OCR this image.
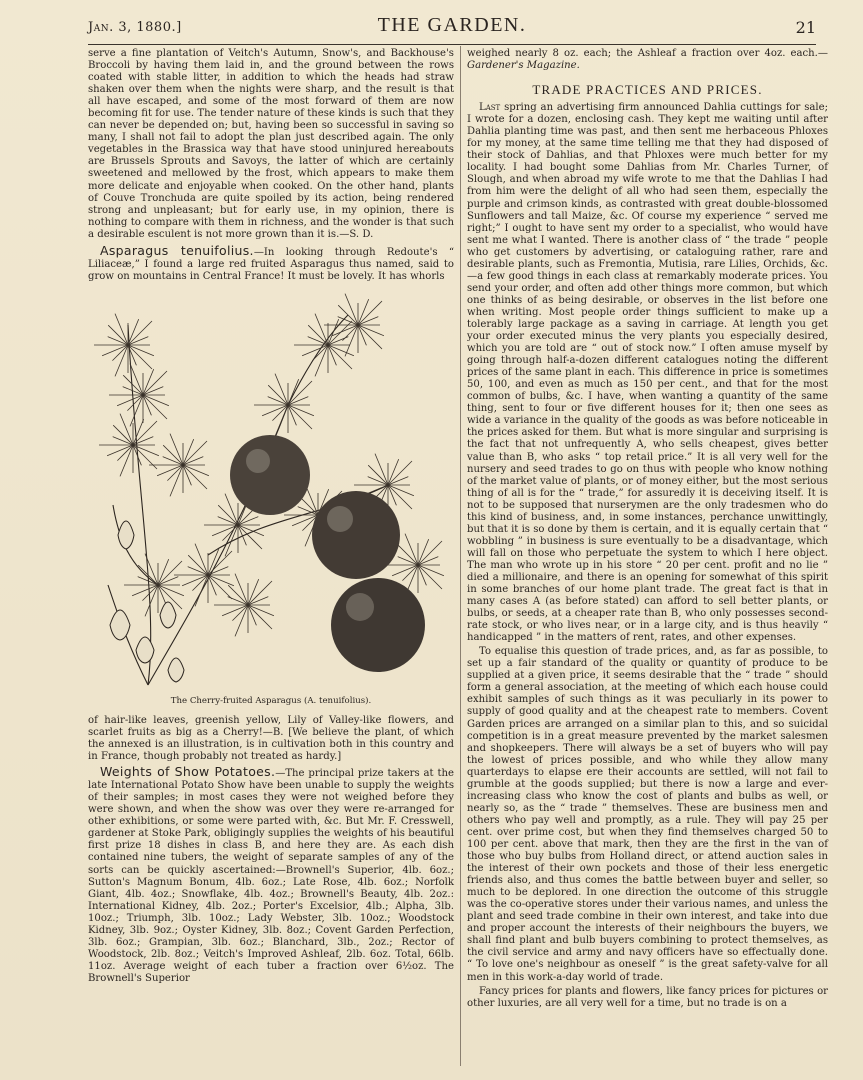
Jan. 3, 1880.]	THE GARDEN.	21

serve a fine plantation of Veitch's Autumn, Snow's, and Backhouse's Broccoli by having them laid in, and the ground between the rows coated with stable litter, in addition to which the heads had straw shaken over them when the nights were sharp, and the result is that all have escaped, and some of the most forward of them are now becoming fit for use. The tender nature of these kinds is such that they can never be depended on; but, having been so successful in saving so many, I shall not fail to adopt the plan just described again. The only vegetables in the Brassica way that have stood uninjured hereabouts are Brussels Sprouts and Savoys, the latter of which are certainly sweetened and mellowed by the frost, which appears to make them more delicate and enjoyable when cooked. On the other hand, plants of Couve Tronchuda are quite spoiled by its action, being rendered strong and unpleasant; but for early use, in my opinion, there is nothing to compare with them in richness, and the wonder is that such a desirable esculent is not more grown than it is.—S. D.

Asparagus tenuifolius.—In looking through Redoute's “ Liliaceæ,” I found a large red fruited Asparagus thus named, said to grow on mountains in Central France! It must be lovely. It has whorls

The Cherry-fruited Asparagus (A. tenuifolius).

of hair-like leaves, greenish yellow, Lily of Valley-like flowers, and scarlet fruits as big as a Cherry!—B. [We believe the plant, of which the annexed is an illustration, is in cultivation both in this country and in France, though probably not treated as hardy.]

Weights of Show Potatoes.—The principal prize takers at the late International Potato Show have been unable to supply the weights of their samples; in most cases they were not weighed before they were shown, and when the show was over they were re-arranged for other exhibitions, or some were parted with, &c. But Mr. F. Cresswell, gardener at Stoke Park, obligingly supplies the weights of his beautiful first prize 18 dishes in class B, and here they are. As each dish contained nine tubers, the weight of separate samples of any of the sorts can be quickly ascertained:—Brownell's Superior, 4lb. 6oz.; Sutton's Magnum Bonum, 4lb. 6oz.; Late Rose, 4lb. 6oz.; Norfolk Giant, 4lb. 4oz.; Snowflake, 4lb. 4oz.; Brownell's Beauty, 4lb. 2oz.: International Kidney, 4lb. 2oz.; Porter's Excelsior, 4lb.; Alpha, 3lb. 10oz.; Triumph, 3lb. 10oz.; Lady Webster, 3lb. 10oz.; Woodstock Kidney, 3lb. 9oz.; Oyster Kidney, 3lb. 8oz.; Covent Garden Perfection, 3lb. 6oz.; Grampian, 3lb. 6oz.; Blanchard, 3lb., 2oz.; Rector of Woodstock, 2lb. 8oz.; Veitch's Improved Ashleaf, 2lb. 6oz. Total, 66lb. 11oz. Average weight of each tuber a fraction over 6½oz. The Brownell's Superior

weighed nearly 8 oz. each; the Ashleaf a fraction over 4oz. each.— Gardener's Magazine.

TRADE PRACTICES AND PRICES.

Last spring an advertising firm announced Dahlia cuttings for sale; I wrote for a dozen, enclosing cash. They kept me waiting until after Dahlia planting time was past, and then sent me herbaceous Phloxes for my money, at the same time telling me that they had disposed of their stock of Dahlias, and that Phloxes were much better for my locality. I had bought some Dahlias from Mr. Charles Turner, of Slough, and when abroad my wife wrote to me that the Dahlias I had from him were the delight of all who had seen them, especially the purple and crimson kinds, as contrasted with great double-blossomed Sunflowers and tall Maize, &c. Of course my experience “ served me right;” I ought to have sent my order to a specialist, who would have sent me what I wanted. There is another class of “ the trade ” people who get customers by advertising, or cataloguing rather, rare and desirable plants, such as Fremontia, Mutisia, rare Lilies, Orchids, &c.—a few good things in each class at remarkably moderate prices. You send your order, and often add other things more common, but which one thinks of as being desirable, or observes in the list before one when writing. Most people order things sufficient to make up a tolerably large package as a saving in carriage. At length you get your order executed minus the very plants you especially desired, which you are told are “ out of stock now.” I often amuse myself by going through half-a-dozen different catalogues noting the different prices of the same plant in each. This difference in price is sometimes 50, 100, and even as much as 150 per cent., and that for the most common of bulbs, &c. I have, when wanting a quantity of the same thing, sent to four or five different houses for it; then one sees as wide a variance in the quality of the goods as was before noticeable in the prices asked for them. But what is more singular and surprising is the fact that not unfrequently A, who sells cheapest, gives better value than B, who asks “ top retail price.” It is all very well for the nursery and seed trades to go on thus with people who know nothing of the market value of plants, or of money either, but the most serious thing of all is for the “ trade,” for assuredly it is deceiving itself. It is not to be supposed that nurserymen are the only tradesmen who do this kind of business, and, in some instances, perchance unwittingly, but that it is so done by them is certain, and it is equally certain that “ wobbling ” in business is sure eventually to be a disadvantage, which will fall on those who perpetuate the system to which I here object. The man who wrote up in his store “ 20 per cent. profit and no lie ” died a millionaire, and there is an opening for somewhat of this spirit in some branches of our home plant trade. The great fact is that in many cases A (as before stated) can afford to sell better plants, or bulbs, or seeds, at a cheaper rate than B, who only possesses second-rate stock, or who lives near, or in a large city, and is thus heavily “ handicapped ” in the matters of rent, rates, and other expenses.

To equalise this question of trade prices, and, as far as possible, to set up a fair standard of the quality or quantity of produce to be supplied at a given price, it seems desirable that the “ trade ” should form a general association, at the meeting of which each house could exhibit samples of such things as it was peculiarly in its power to supply of good quality and at the cheapest rate to members. Covent Garden prices are arranged on a similar plan to this, and so suicidal competition is in a great measure prevented by the market salesmen and shopkeepers. There will always be a set of buyers who will pay the lowest of prices possible, and who while they allow many quarterdays to elapse ere their accounts are settled, will not fail to grumble at the goods supplied; but there is now a large and ever-increasing class who know the cost of plants and bulbs as well, or nearly so, as the “ trade ” themselves. These are business men and others who pay well and promptly, as a rule. They will pay 25 per cent. over prime cost, but when they find themselves charged 50 to 100 per cent. above that mark, then they are the first in the van of those who buy bulbs from Holland direct, or attend auction sales in the interest of their own pockets and those of their less energetic friends also, and thus comes the battle between buyer and seller, so much to be deplored. In one direction the outcome of this struggle was the co-operative stores under their various names, and unless the plant and seed trade combine in their own interest, and take into due and proper account the interests of their neighbours the buyers, we shall find plant and bulb buyers combining to protect themselves, as the civil service and army and navy officers have so effectually done. “ To love one's neighbour as oneself ” is the great safety-valve for all men in this work-a-day world of trade.

Fancy prices for plants and flowers, like fancy prices for pictures or other luxuries, are all very well for a time, but no trade is on a
